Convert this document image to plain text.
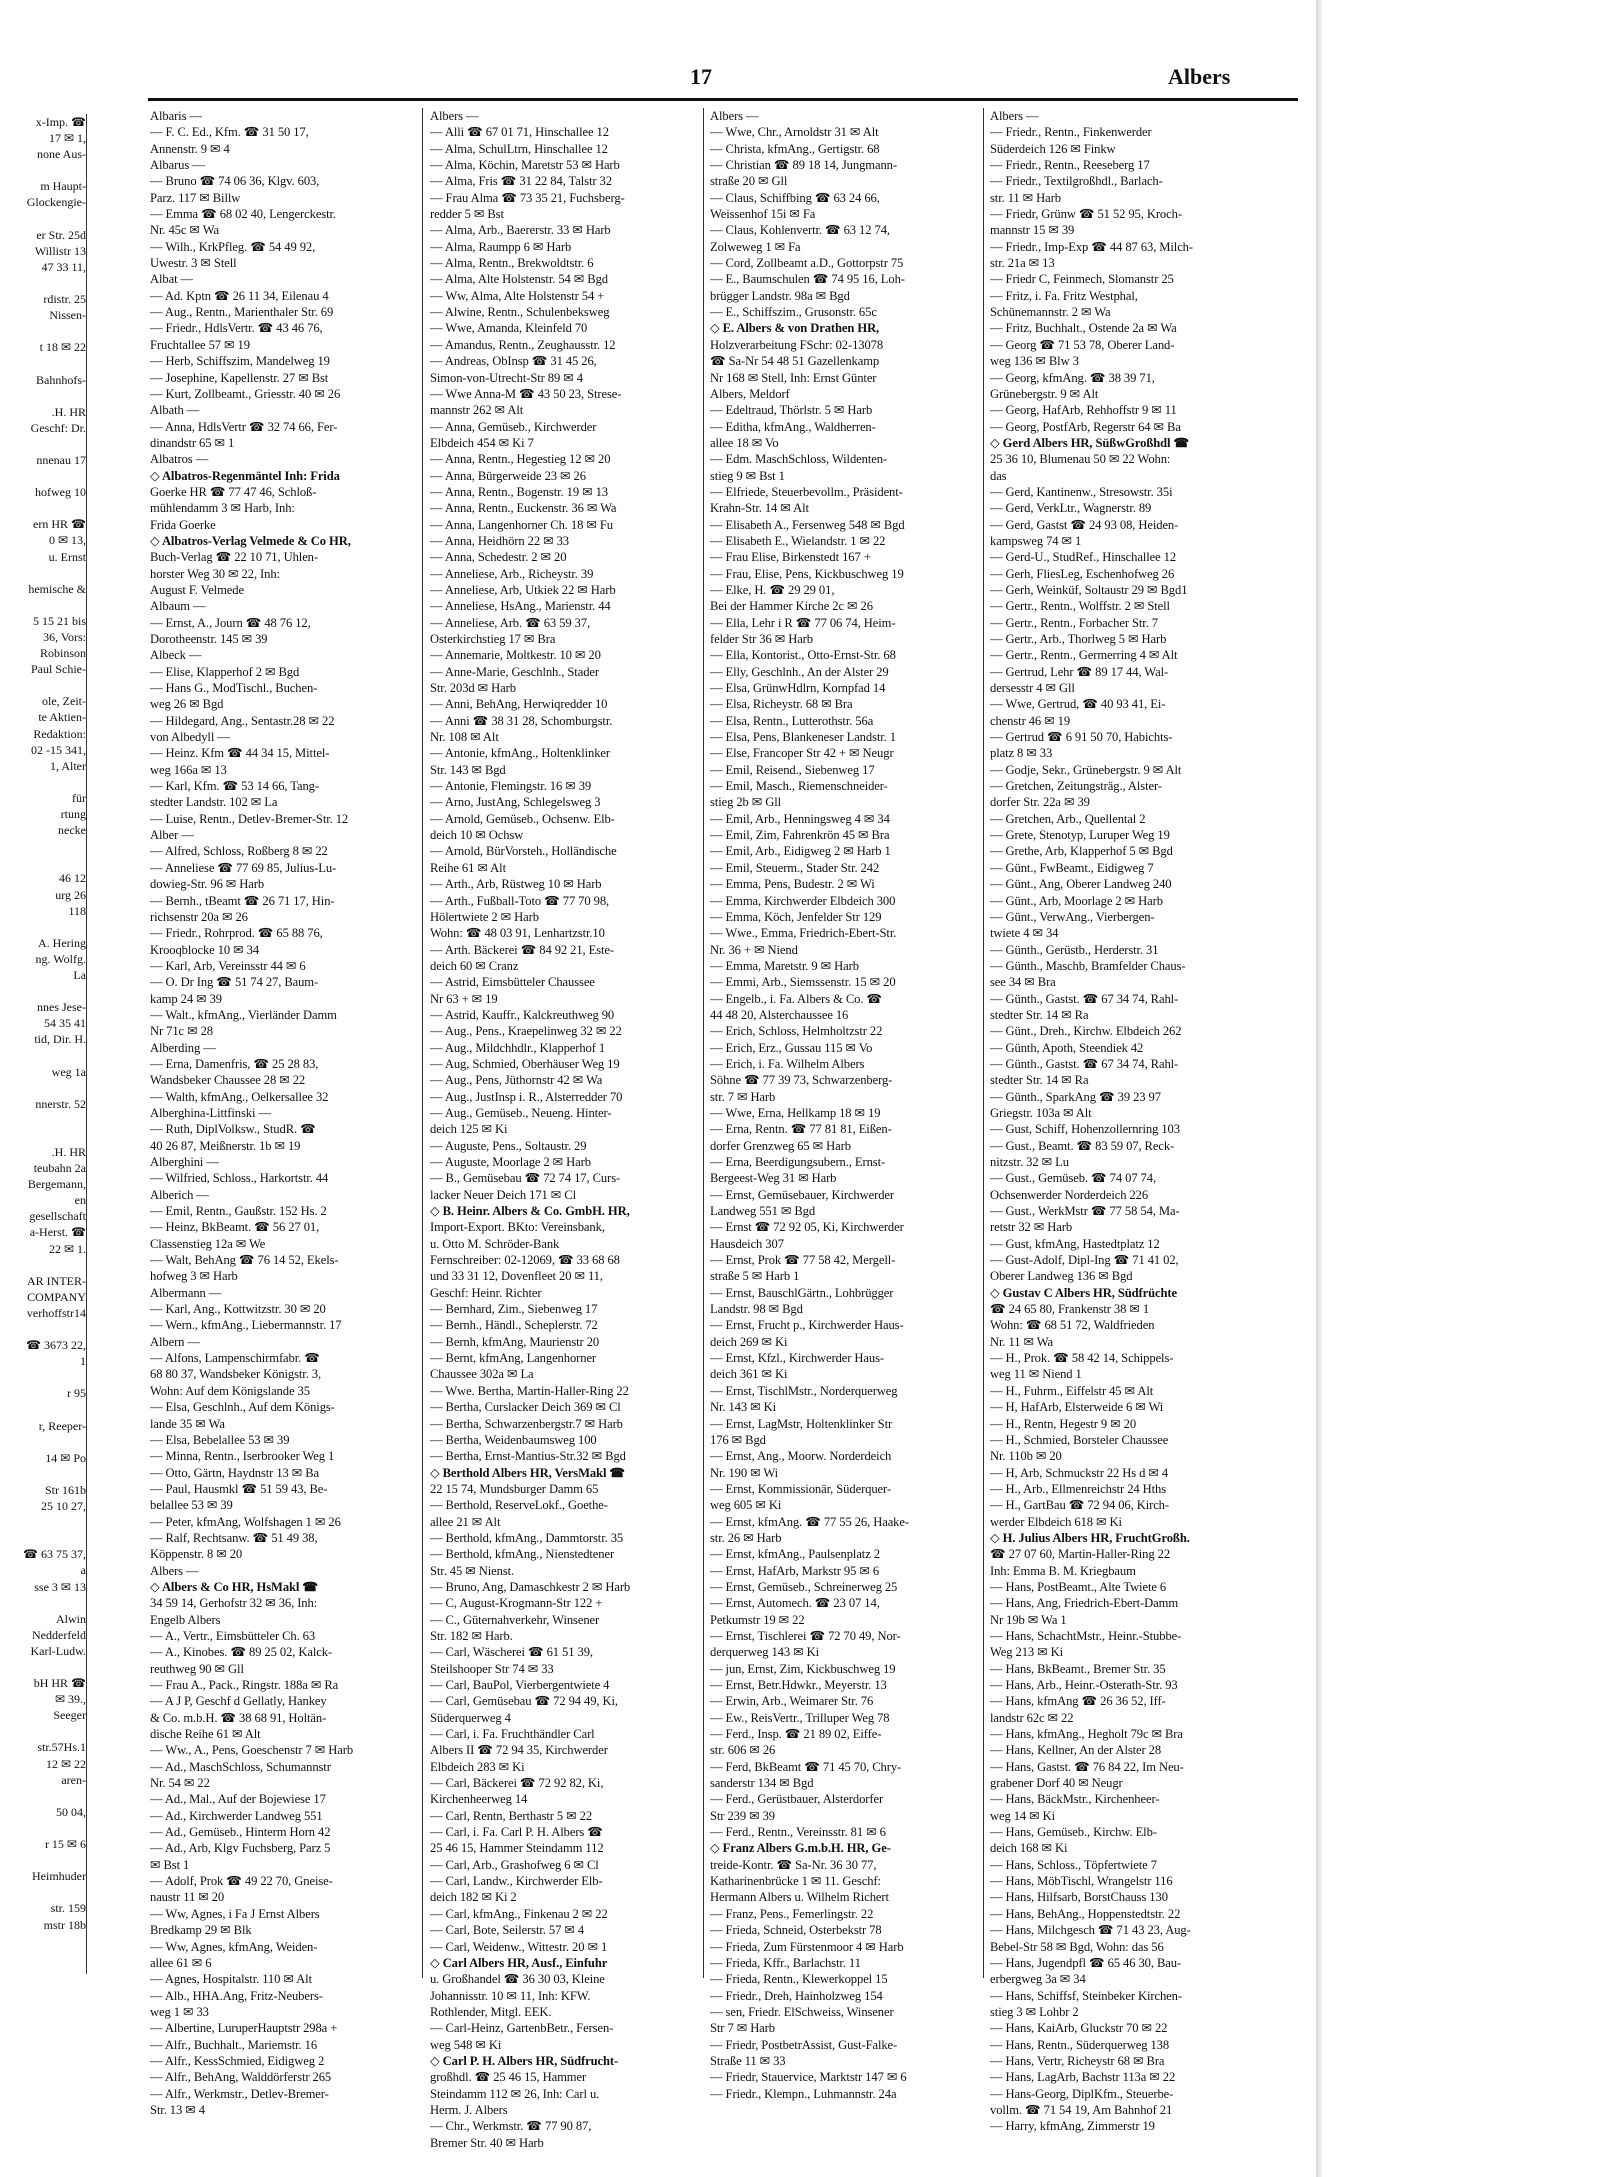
17	Albers
x-Imp. ☎
17 ✉ 1,
none Aus-

m Haupt-
Glockengie-

er Str. 25d
Willistr 13
47 33 11,

rdistr. 25
Nissen-

t 18 ✉ 22

Bahnhofs-

.H. HR
Geschf: Dr.

nnenau 17

hofweg 10

ern HR ☎
0 ✉ 13,
u. Ernst

hemische &

5 15 21 bis
36, Vors:
Robinson
Paul Schie-

ole, Zeit-
te Aktien-
Redaktion:
02 -15 341,
1, Alter

für
rtung
necke

46 12
urg 26
118

A. Hering
ng. Wolfg.
La

nnes Jese-
54 35 41
tid, Dir. H.

weg 1a

nnerstr. 52

.H. HR
teubahn 2a
Bergemann,
en
gesellschaft
a-Herst. ☎
22 ✉ 1.

AR INTER-
COMPANY
verhoffstr14

☎ 3673 22,
1

r 95

r, Reeper-

14 ✉ Po

Str 161b
25 10 27,

☎ 63 75 37,
a
sse 3 ✉ 13

Alwin
Nedderfeld
Karl-Ludw.

bH HR ☎
✉ 39.,
Seeger

str.57Hs.1
12 ✉ 22
aren-

50 04,

r 15 ✉ 6

Heimhuder

str. 159
mstr 18b
Albaris —
— F. C. Ed., Kfm. ☎ 31 50 17,
Annenstr. 9 ✉ 4
Albarus —
— Bruno ☎ 74 06 36, Klgv. 603,
Parz. 117 ✉ Billw
— Emma ☎ 68 02 40, Lengerckestr.
Nr. 45c ✉ Wa
— Wilh., KrkPfleg. ☎ 54 49 92,
Uwestr. 3 ✉ Stell
Albat —
— Ad. Kptn ☎ 26 11 34, Eilenau 4
— Aug., Rentn., Marienthaler Str. 69
— Friedr., HdlsVertr. ☎ 43 46 76,
Fruchtallee 57 ✉ 19
— Herb, Schiffszim, Mandelweg 19
— Josephine, Kapellenstr. 27 ✉ Bst
— Kurt, Zollbeamt., Griesstr. 40 ✉ 26
Albath —
— Anna, HdlsVertr ☎ 32 74 66, Fer-
dinandstr 65 ✉ 1
Albatros —
◇ Albatros-Regenmäntel Inh: Frida
Goerke HR ☎ 77 47 46, Schloß-
mühlendamm 3 ✉ Harb, Inh:
Frida Goerke
◇ Albatros-Verlag Velmede & Co HR,
Buch-Verlag ☎ 22 10 71, Uhlen-
horster Weg 30 ✉ 22, Inh:
August F. Velmede
Albaum —
— Ernst, A., Journ ☎ 48 76 12,
Dorotheenstr. 145 ✉ 39
Albeck —
— Elise, Klapperhof 2 ✉ Bgd
— Hans G., ModTischl., Buchen-
weg 26 ✉ Bgd
— Hildegard, Ang., Sentastr.28 ✉ 22
von Albedyll —
— Heinz. Kfm ☎ 44 34 15, Mittel-
weg 166a ✉ 13
— Karl, Kfm. ☎ 53 14 66, Tang-
stedter Landstr. 102 ✉ La
— Luise, Rentn., Detlev-Bremer-Str. 12
Alber —
— Alfred, Schloss, Roßberg 8 ✉ 22
— Anneliese ☎ 77 69 85, Julius-Lu-
dowieg-Str. 96 ✉ Harb
— Bernh., tBeamt ☎ 26 71 17, Hin-
richsenstr 20a ✉ 26
— Friedr., Rohrprod. ☎ 65 88 76,
Krooqblocke 10 ✉ 34
— Karl, Arb, Vereinsstr 44 ✉ 6
— O. Dr Ing ☎ 51 74 27, Baum-
kamp 24 ✉ 39
— Walt., kfmAng., Vierländer Damm
Nr 71c ✉ 28
Alberding —
— Erna, Damenfris, ☎ 25 28 83,
Wandsbeker Chaussee 28 ✉ 22
— Walth, kfmAng., Oelkersallee 32
Alberghina-Littfinski —
— Ruth, DiplVolksw., StudR. ☎
40 26 87, Meißnerstr. 1b ✉ 19
Alberghini —
— Wilfried, Schloss., Harkortstr. 44
Alberich —
— Emil, Rentn., Gaußstr. 152 Hs. 2
— Heinz, BkBeamt. ☎ 56 27 01,
Classenstieg 12a ✉ We
— Walt, BehAng ☎ 76 14 52, Ekels-
hofweg 3 ✉ Harb
Albermann —
— Karl, Ang., Kottwitzstr. 30 ✉ 20
— Wern., kfmAng., Liebermannstr. 17
Albern —
— Alfons, Lampenschirmfabr. ☎
68 80 37, Wandsbeker Königstr. 3,
Wohn: Auf dem Königslande 35
— Elsa, Geschlnh., Auf dem Königs-
lande 35 ✉ Wa
— Elsa, Bebelallee 53 ✉ 39
— Minna, Rentn., Iserbrooker Weg 1
— Otto, Gärtn, Haydnstr 13 ✉ Ba
— Paul, Hausmkl ☎ 51 59 43, Be-
belallee 53 ✉ 39
— Peter, kfmAng, Wolfshagen 1 ✉ 26
— Ralf, Rechtsanw. ☎ 51 49 38,
Köppenstr. 8 ✉ 20
Albers —
◇ Albers & Co HR, HsMakl ☎
34 59 14, Gerhofstr 32 ✉ 36, Inh:
Engelb Albers
— A., Vertr., Eimsbütteler Ch. 63
— A., Kinobes. ☎ 89 25 02, Kalck-
reuthweg 90 ✉ Gll
— Frau A., Pack., Ringstr. 188a ✉ Ra
— A J P, Geschf d Gellatly, Hankey
& Co. m.b.H. ☎ 38 68 91, Holtän-
dische Reihe 61 ✉ Alt
— Ww., A., Pens, Goeschenstr 7 ✉ Harb
— Ad., MaschSchloss, Schumannstr
Nr. 54 ✉ 22
— Ad., Mal., Auf der Bojewiese 17
— Ad., Kirchwerder Landweg 551
— Ad., Gemüseb., Hinterm Horn 42
— Ad., Arb, Klgv Fuchsberg, Parz 5
✉ Bst 1
— Adolf, Prok ☎ 49 22 70, Gneise-
naustr 11 ✉ 20
— Ww, Agnes, i Fa J Ernst Albers
Bredkamp 29 ✉ Blk
— Ww, Agnes, kfmAng, Weiden-
allee 61 ✉ 6
— Agnes, Hospitalstr. 110 ✉ Alt
— Alb., HHA.Ang, Fritz-Neubers-
weg 1 ✉ 33
— Albertine, LuruperHauptstr 298a +
— Alfr., Buchhalt., Mariemstr. 16
— Alfr., KessSchmied, Eidigweg 2
— Alfr., BehAng, Walddörferstr 265
— Alfr., Werkmstr., Detlev-Bremer-
Str. 13 ✉ 4
Albers —
— Alli ☎ 67 01 71, Hinschallee 12
— Alma, SchulLtrn, Hinschallee 12
— Alma, Köchin, Maretstr 53 ✉ Harb
— Alma, Fris ☎ 31 22 84, Talstr 32
— Frau Alma ☎ 73 35 21, Fuchsberg-
redder 5 ✉ Bst
— Alma, Arb., Baererstr. 33 ✉ Harb
— Alma, Raumpp 6 ✉ Harb
— Alma, Rentn., Brekwoldtstr. 6
— Alma, Alte Holstenstr. 54 ✉ Bgd
— Ww, Alma, Alte Holstenstr 54 +
— Alwine, Rentn., Schulenbeksweg
— Wwe, Amanda, Kleinfeld 70
— Amandus, Rentn., Zeughausstr. 12
— Andreas, ObInsp ☎ 31 45 26,
Simon-von-Utrecht-Str 89 ✉ 4
— Wwe Anna-M ☎ 43 50 23, Strese-
mannstr 262 ✉ Alt
— Anna, Gemüseb., Kirchwerder
Elbdeich 454 ✉ Ki 7
— Anna, Rentn., Hegestieg 12 ✉ 20
— Anna, Bürgerweide 23 ✉ 26
— Anna, Rentn., Bogenstr. 19 ✉ 13
— Anna, Rentn., Euckenstr. 36 ✉ Wa
— Anna, Langenhorner Ch. 18 ✉ Fu
— Anna, Heidhörn 22 ✉ 33
— Anna, Schedestr. 2 ✉ 20
— Anneliese, Arb., Richeystr. 39
— Anneliese, Arb, Utkiek 22 ✉ Harb
— Anneliese, HsAng., Marienstr. 44
— Anneliese, Arb. ☎ 63 59 37,
Osterkirchstieg 17 ✉ Bra
— Annemarie, Moltkestr. 10 ✉ 20
— Anne-Marie, Geschlnh., Stader
Str. 203d ✉ Harb
— Anni, BehAng, Herwiqredder 10
— Anni ☎ 38 31 28, Schomburgstr.
Nr. 108 ✉ Alt
— Antonie, kfmAng., Holtenklinker
Str. 143 ✉ Bgd
— Antonie, Flemingstr. 16 ✉ 39
— Arno, JustAng, Schlegelsweg 3
— Arnold, Gemüseb., Ochsenw. Elb-
deich 10 ✉ Ochsw
— Arnold, BürVorsteh., Holländische
Reihe 61 ✉ Alt
— Arth., Arb, Rüstweg 10 ✉ Harb
— Arth., Fußball-Toto ☎ 77 70 98,
Hölertwiete 2 ✉ Harb
Wohn: ☎ 48 03 91, Lenhartzstr.10
— Arth. Bäckerei ☎ 84 92 21, Este-
deich 60 ✉ Cranz
— Astrid, Eimsbütteler Chaussee
Nr 63 + ✉ 19
— Astrid, Kauffr., Kalckreuthweg 90
— Aug., Pens., Kraepelinweg 32 ✉ 22
— Aug., Mildchhdlr., Klapperhof 1
— Aug, Schmied, Oberhäuser Weg 19
— Aug., Pens, Jüthornstr 42 ✉ Wa
— Aug., JustInsp i. R., Alsterredder 70
— Aug., Gemüseb., Neueng. Hinter-
deich 125 ✉ Ki
— Auguste, Pens., Soltaustr. 29
— Auguste, Moorlage 2 ✉ Harb
— B., Gemüsebau ☎ 72 74 17, Curs-
lacker Neuer Deich 171 ✉ Cl
◇ B. Heinr. Albers & Co. GmbH. HR,
Import-Export. BKto: Vereinsbank,
u. Otto M. Schröder-Bank
Fernschreiber: 02-12069, ☎ 33 68 68
und 33 31 12, Dovenfleet 20 ✉ 11,
Geschf: Heinr. Richter
— Bernhard, Zim., Siebenweg 17
— Bernh., Händl., Scheplerstr. 72
— Bernh, kfmAng, Maurienstr 20
— Bernt, kfmAng, Langenhorner
Chaussee 302a ✉ La
— Wwe. Bertha, Martin-Haller-Ring 22
— Bertha, Curslacker Deich 369 ✉ Cl
— Bertha, Schwarzenbergstr.7 ✉ Harb
— Bertha, Weidenbaumsweg 100
— Bertha, Ernst-Mantius-Str.32 ✉ Bgd
◇ Berthold Albers HR, VersMakl ☎
22 15 74, Mundsburger Damm 65
— Berthold, ReserveLokf., Goethe-
allee 21 ✉ Alt
— Berthold, kfmAng., Dammtorstr. 35
— Berthold, kfmAng., Nienstedtener
Str. 45 ✉ Nienst.
— Bruno, Ang, Damaschkestr 2 ✉ Harb
— C, August-Krogmann-Str 122 +
— C., Güternahverkehr, Winsener
Str. 182 ✉ Harb.
— Carl, Wäscherei ☎ 61 51 39,
Steilshooper Str 74 ✉ 33
— Carl, BauPol, Vierbergentwiete 4
— Carl, Gemüsebau ☎ 72 94 49, Ki,
Süderquerweg 4
— Carl, i. Fa. Fruchthändler Carl
Albers II ☎ 72 94 35, Kirchwerder
Elbdeich 283 ✉ Ki
— Carl, Bäckerei ☎ 72 92 82, Ki,
Kirchenheerweg 14
— Carl, Rentn, Berthastr 5 ✉ 22
— Carl, i. Fa. Carl P. H. Albers ☎
25 46 15, Hammer Steindamm 112
— Carl, Arb., Grashofweg 6 ✉ Cl
— Carl, Landw., Kirchwerder Elb-
deich 182 ✉ Ki 2
— Carl, kfmAng., Finkenau 2 ✉ 22
— Carl, Bote, Seilerstr. 57 ✉ 4
— Carl, Weidenw., Wittestr. 20 ✉ 1
◇ Carl Albers HR, Ausf., Einfuhr
u. Großhandel ☎ 36 30 03, Kleine
Johannisstr. 10 ✉ 11, Inh: KFW.
Rothlender, Mitgl. EEK.
— Carl-Heinz, GartenbBetr., Fersen-
weg 548 ✉ Ki
◇ Carl P. H. Albers HR, Südfrucht-
großhdl. ☎ 25 46 15, Hammer
Steindamm 112 ✉ 26, Inh: Carl u.
Herm. J. Albers
— Chr., Werkmstr. ☎ 77 90 87,
Bremer Str. 40 ✉ Harb
Albers —
— Wwe, Chr., Arnoldstr 31 ✉ Alt
— Christa, kfmAng., Gertigstr. 68
— Christian ☎ 89 18 14, Jungmann-
straße 20 ✉ Gll
— Claus, Schiffbing ☎ 63 24 66,
Weissenhof 15i ✉ Fa
— Claus, Kohlenvertr. ☎ 63 12 74,
Zolweweg 1 ✉ Fa
— Cord, Zollbeamt a.D., Gottorpstr 75
— E., Baumschulen ☎ 74 95 16, Loh-
brügger Landstr. 98a ✉ Bgd
— E., Schiffszim., Grusonstr. 65c
◇ E. Albers & von Drathen HR,
Holzverarbeitung FSchr: 02-13078
☎ Sa-Nr 54 48 51 Gazellenkamp
Nr 168 ✉ Stell, Inh: Ernst Günter
Albers, Meldorf
— Edeltraud, Thörlstr. 5 ✉ Harb
— Editha, kfmAng., Waldherren-
allee 18 ✉ Vo
— Edm. MaschSchloss, Wildenten-
stieg 9 ✉ Bst 1
— Elfriede, Steuerbevollm., Präsident-
Krahn-Str. 14 ✉ Alt
— Elisabeth A., Fersenweg 548 ✉ Bgd
— Elisabeth E., Wielandstr. 1 ✉ 22
— Frau Elise, Birkenstedt 167 +
— Frau, Elise, Pens, Kickbuschweg 19
— Elke, H. ☎ 29 29 01,
Bei der Hammer Kirche 2c ✉ 26
— Ella, Lehr i R ☎ 77 06 74, Heim-
felder Str 36 ✉ Harb
— Ella, Kontorist., Otto-Ernst-Str. 68
— Elly, Geschlnh., An der Alster 29
— Elsa, GrünwHdlrn, Kornpfad 14
— Elsa, Richeystr. 68 ✉ Bra
— Elsa, Rentn., Lutterothstr. 56a
— Elsa, Pens, Blankeneser Landstr. 1
— Else, Francoper Str 42 + ✉ Neugr
— Emil, Reisend., Siebenweg 17
— Emil, Masch., Riemenschneider-
stieg 2b ✉ Gll
— Emil, Arb., Henningsweg 4 ✉ 34
— Emil, Zim, Fahrenkrön 45 ✉ Bra
— Emil, Arb., Eidigweg 2 ✉ Harb 1
— Emil, Steuerm., Stader Str. 242
— Emma, Pens, Budestr. 2 ✉ Wi
— Emma, Kirchwerder Elbdeich 300
— Emma, Köch, Jenfelder Str 129
— Wwe., Emma, Friedrich-Ebert-Str.
Nr. 36 + ✉ Niend
— Emma, Maretstr. 9 ✉ Harb
— Emmi, Arb., Siemssenstr. 15 ✉ 20
— Engelb., i. Fa. Albers & Co. ☎
44 48 20, Alsterchaussee 16
— Erich, Schloss, Helmholtzstr 22
— Erich, Erz., Gussau 115 ✉ Vo
— Erich, i. Fa. Wilhelm Albers
Söhne ☎ 77 39 73, Schwarzenberg-
str. 7 ✉ Harb
— Wwe, Erna, Hellkamp 18 ✉ 19
— Erna, Rentn. ☎ 77 81 81, Eißen-
dorfer Grenzweg 65 ✉ Harb
— Erna, Beerdigungsubern., Ernst-
Bergeest-Weg 31 ✉ Harb
— Ernst, Gemüsebauer, Kirchwerder
Landweg 551 ✉ Bgd
— Ernst ☎ 72 92 05, Ki, Kirchwerder
Hausdeich 307
— Ernst, Prok ☎ 77 58 42, Mergell-
straße 5 ✉ Harb 1
— Ernst, BauschlGärtn., Lohbrügger
Landstr. 98 ✉ Bgd
— Ernst, Frucht p., Kirchwerder Haus-
deich 269 ✉ Ki
— Ernst, Kfzl., Kirchwerder Haus-
deich 361 ✉ Ki
— Ernst, TischlMstr., Norderquerweg
Nr. 143 ✉ Ki
— Ernst, LagMstr, Holtenklinker Str
176 ✉ Bgd
— Ernst, Ang., Moorw. Norderdeich
Nr. 190 ✉ Wi
— Ernst, Kommissionär, Süderquer-
weg 605 ✉ Ki
— Ernst, kfmAng. ☎ 77 55 26, Haake-
str. 26 ✉ Harb
— Ernst, kfmAng., Paulsenplatz 2
— Ernst, HafArb, Markstr 95 ✉ 6
— Ernst, Gemüseb., Schreinerweg 25
— Ernst, Automech. ☎ 23 07 14,
Petkumstr 19 ✉ 22
— Ernst, Tischlerei ☎ 72 70 49, Nor-
derquerweg 143 ✉ Ki
— jun, Ernst, Zim, Kickbuschweg 19
— Ernst, Betr.Hdwkr., Meyerstr. 13
— Erwin, Arb., Weimarer Str. 76
— Ew., ReisVertr., Trilluper Weg 78
— Ferd., Insp. ☎ 21 89 02, Eiffe-
str. 606 ✉ 26
— Ferd, BkBeamt ☎ 71 45 70, Chry-
sanderstr 134 ✉ Bgd
— Ferd., Gerüstbauer, Alsterdorfer
Str 239 ✉ 39
— Ferd., Rentn., Vereinsstr. 81 ✉ 6
◇ Franz Albers G.m.b.H. HR, Ge-
treide-Kontr. ☎ Sa-Nr. 36 30 77,
Katharinenbrücke 1 ✉ 11. Geschf:
Hermann Albers u. Wilhelm Richert
— Franz, Pens., Femerlingstr. 22
— Frieda, Schneid, Osterbekstr 78
— Frieda, Zum Fürstenmoor 4 ✉ Harb
— Frieda, Kffr., Barlachstr. 11
— Frieda, Rentn., Klewerkoppel 15
— Friedr., Dreh, Hainholzweg 154
— sen, Friedr. ElSchweiss, Winsener
Str 7 ✉ Harb
— Friedr, PostbetrAssist, Gust-Falke-
Straße 11 ✉ 33
— Friedr, Stauervice, Marktstr 147 ✉ 6
— Friedr., Klempn., Luhmannstr. 24a
Albers —
— Friedr., Rentn., Finkenwerder
Süderdeich 126 ✉ Finkw
— Friedr., Rentn., Reeseberg 17
— Friedr., Textilgroßhdl., Barlach-
str. 11 ✉ Harb
— Friedr, Grünw ☎ 51 52 95, Kroch-
mannstr 15 ✉ 39
— Friedr., Imp-Exp ☎ 44 87 63, Milch-
str. 21a ✉ 13
— Friedr C, Feinmech, Slomanstr 25
— Fritz, i. Fa. Fritz Westphal,
Schünemannstr. 2 ✉ Wa
— Fritz, Buchhalt., Ostende 2a ✉ Wa
— Georg ☎ 71 53 78, Oberer Land-
weg 136 ✉ Blw 3
— Georg, kfmAng. ☎ 38 39 71,
Grünebergstr. 9 ✉ Alt
— Georg, HafArb, Rehhoffstr 9 ✉ 11
— Georg, PostfArb, Regerstr 64 ✉ Ba
◇ Gerd Albers HR, SüßwGroßhdl ☎
25 36 10, Blumenau 50 ✉ 22 Wohn:
das
— Gerd, Kantinenw., Stresowstr. 35i
— Gerd, VerkLtr., Wagnerstr. 89
— Gerd, Gastst ☎ 24 93 08, Heiden-
kampsweg 74 ✉ 1
— Gerd-U., StudRef., Hinschallee 12
— Gerh, FliesLeg, Eschenhofweg 26
— Gerh, Weinküf, Soltaustr 29 ✉ Bgd1
— Gertr., Rentn., Wolffstr. 2 ✉ Stell
— Gertr., Rentn., Forbacher Str. 7
— Gertr., Arb., Thorlweg 5 ✉ Harb
— Gertr., Rentn., Germerring 4 ✉ Alt
— Gertrud, Lehr ☎ 89 17 44, Wal-
dersesstr 4 ✉ Gll
— Wwe, Gertrud, ☎ 40 93 41, Ei-
chenstr 46 ✉ 19
— Gertrud ☎ 6 91 50 70, Habichts-
platz 8 ✉ 33
— Godje, Sekr., Grünebergstr. 9 ✉ Alt
— Gretchen, Zeitungsträg., Alster-
dorfer Str. 22a ✉ 39
— Gretchen, Arb., Quellental 2
— Grete, Stenotyp, Luruper Weg 19
— Grethe, Arb, Klapperhof 5 ✉ Bgd
— Günt., FwBeamt., Eidigweg 7
— Günt., Ang, Oberer Landweg 240
— Günt., Arb, Moorlage 2 ✉ Harb
— Günt., VerwAng., Vierbergen-
twiete 4 ✉ 34
— Günth., Gerüstb., Herderstr. 31
— Günth., Maschb, Bramfelder Chaus-
see 34 ✉ Bra
— Günth., Gastst. ☎ 67 34 74, Rahl-
stedter Str. 14 ✉ Ra
— Günt., Dreh., Kirchw. Elbdeich 262
— Günth, Apoth, Steendiek 42
— Günth., Gastst. ☎ 67 34 74, Rahl-
stedter Str. 14 ✉ Ra
— Günth., SparkAng ☎ 39 23 97
Griegstr. 103a ✉ Alt
— Gust, Schiff, Hohenzollernring 103
— Gust., Beamt. ☎ 83 59 07, Reck-
nitzstr. 32 ✉ Lu
— Gust., Gemüseb. ☎ 74 07 74,
Ochsenwerder Norderdeich 226
— Gust., WerkMstr ☎ 77 58 54, Ma-
retstr 32 ✉ Harb
— Gust, kfmAng, Hastedtplatz 12
— Gust-Adolf, Dipl-Ing ☎ 71 41 02,
Oberer Landweg 136 ✉ Bgd
◇ Gustav C Albers HR, Südfrüchte
☎ 24 65 80, Frankenstr 38 ✉ 1
Wohn: ☎ 68 51 72, Waldfrieden
Nr. 11 ✉ Wa
— H., Prok. ☎ 58 42 14, Schippels-
weg 11 ✉ Niend 1
— H., Fuhrm., Eiffelstr 45 ✉ Alt
— H, HafArb, Elsterweide 6 ✉ Wi
— H., Rentn, Hegestr 9 ✉ 20
— H., Schmied, Borsteler Chaussee
Nr. 110b ✉ 20
— H, Arb, Schmuckstr 22 Hs d ✉ 4
— H., Arb., Ellmenreichstr 24 Hths
— H., GartBau ☎ 72 94 06, Kirch-
werder Elbdeich 618 ✉ Ki
◇ H. Julius Albers HR, FruchtGroßh.
☎ 27 07 60, Martin-Haller-Ring 22
Inh: Emma B. M. Kriegbaum
— Hans, PostBeamt., Alte Twiete 6
— Hans, Ang, Friedrich-Ebert-Damm
Nr 19b ✉ Wa 1
— Hans, SchachtMstr., Heinr.-Stubbe-
Weg 213 ✉ Ki
— Hans, BkBeamt., Bremer Str. 35
— Hans, Arb., Heinr.-Osterath-Str. 93
— Hans, kfmAng ☎ 26 36 52, Iff-
landstr 62c ✉ 22
— Hans, kfmAng., Hegholt 79c ✉ Bra
— Hans, Kellner, An der Alster 28
— Hans, Gastst. ☎ 76 84 22, Im Neu-
grabener Dorf 40 ✉ Neugr
— Hans, BäckMstr., Kirchenheer-
weg 14 ✉ Ki
— Hans, Gemüseb., Kirchw. Elb-
deich 168 ✉ Ki
— Hans, Schloss., Töpfertwiete 7
— Hans, MöbTischl, Wrangelstr 116
— Hans, Hilfsarb, BorstChauss 130
— Hans, BehAng., Hoppenstedtstr. 22
— Hans, Milchgesch ☎ 71 43 23, Aug-
Bebel-Str 58 ✉ Bgd, Wohn: das 56
— Hans, Jugendpfl ☎ 65 46 30, Bau-
erbergweg 3a ✉ 34
— Hans, Schiffsf, Steinbeker Kirchen-
stieg 3 ✉ Lohbr 2
— Hans, KaiArb, Gluckstr 70 ✉ 22
— Hans, Rentn., Süderquerweg 138
— Hans, Vertr, Richeystr 68 ✉ Bra
— Hans, LagArb, Bachstr 113a ✉ 22
— Hans-Georg, DiplKfm., Steuerbe-
vollm. ☎ 71 54 19, Am Bahnhof 21
— Harry, kfmAng, Zimmerstr 19
